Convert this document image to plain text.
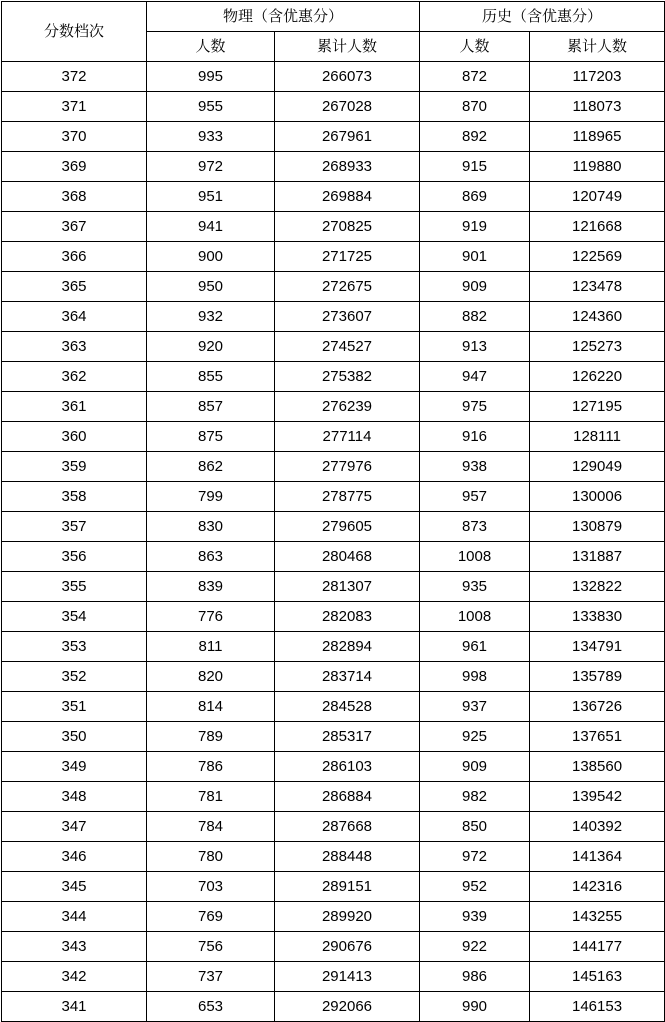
分数档次	物理（含优惠分）		历史（含优惠分）	
	人数	累计人数	人数	累计人数
372	995	266073	872	117203
371	955	267028	870	118073
370	933	267961	892	118965
369	972	268933	915	119880
368	951	269884	869	120749
367	941	270825	919	121668
366	900	271725	901	122569
365	950	272675	909	123478
364	932	273607	882	124360
363	920	274527	913	125273
362	855	275382	947	126220
361	857	276239	975	127195
360	875	277114	916	128111
359	862	277976	938	129049
358	799	278775	957	130006
357	830	279605	873	130879
356	863	280468	1008	131887
355	839	281307	935	132822
354	776	282083	1008	133830
353	811	282894	961	134791
352	820	283714	998	135789
351	814	284528	937	136726
350	789	285317	925	137651
349	786	286103	909	138560
348	781	286884	982	139542
347	784	287668	850	140392
346	780	288448	972	141364
345	703	289151	952	142316
344	769	289920	939	143255
343	756	290676	922	144177
342	737	291413	986	145163
341	653	292066	990	146153
